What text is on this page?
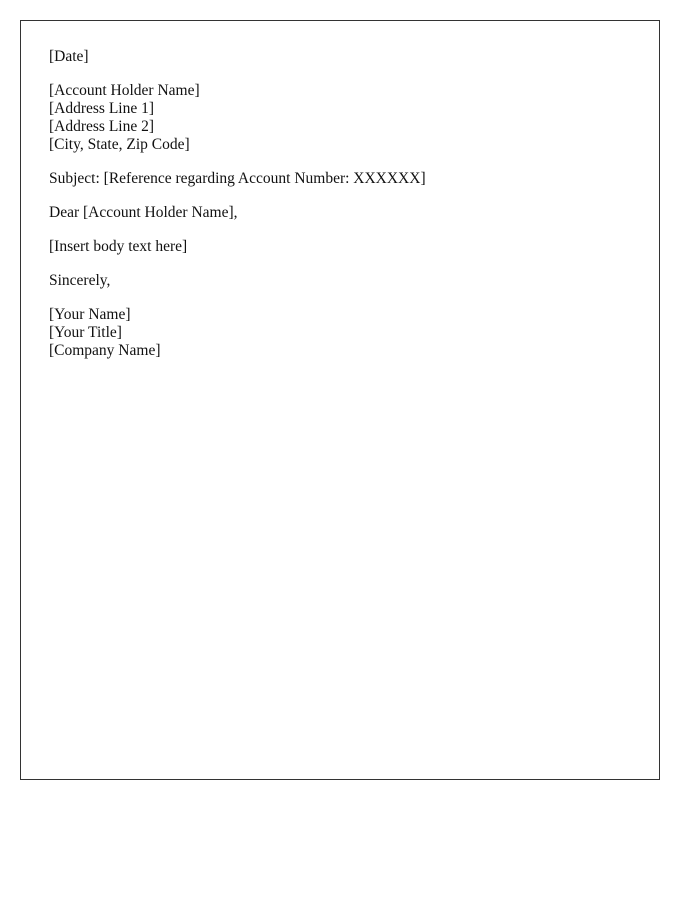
[Date]
[Account Holder Name]
[Address Line 1]
[Address Line 2]
[City, State, Zip Code]
Subject: [Reference regarding Account Number: XXXXXX]
Dear [Account Holder Name],
[Insert body text here]
Sincerely,
[Your Name]
[Your Title]
[Company Name]
